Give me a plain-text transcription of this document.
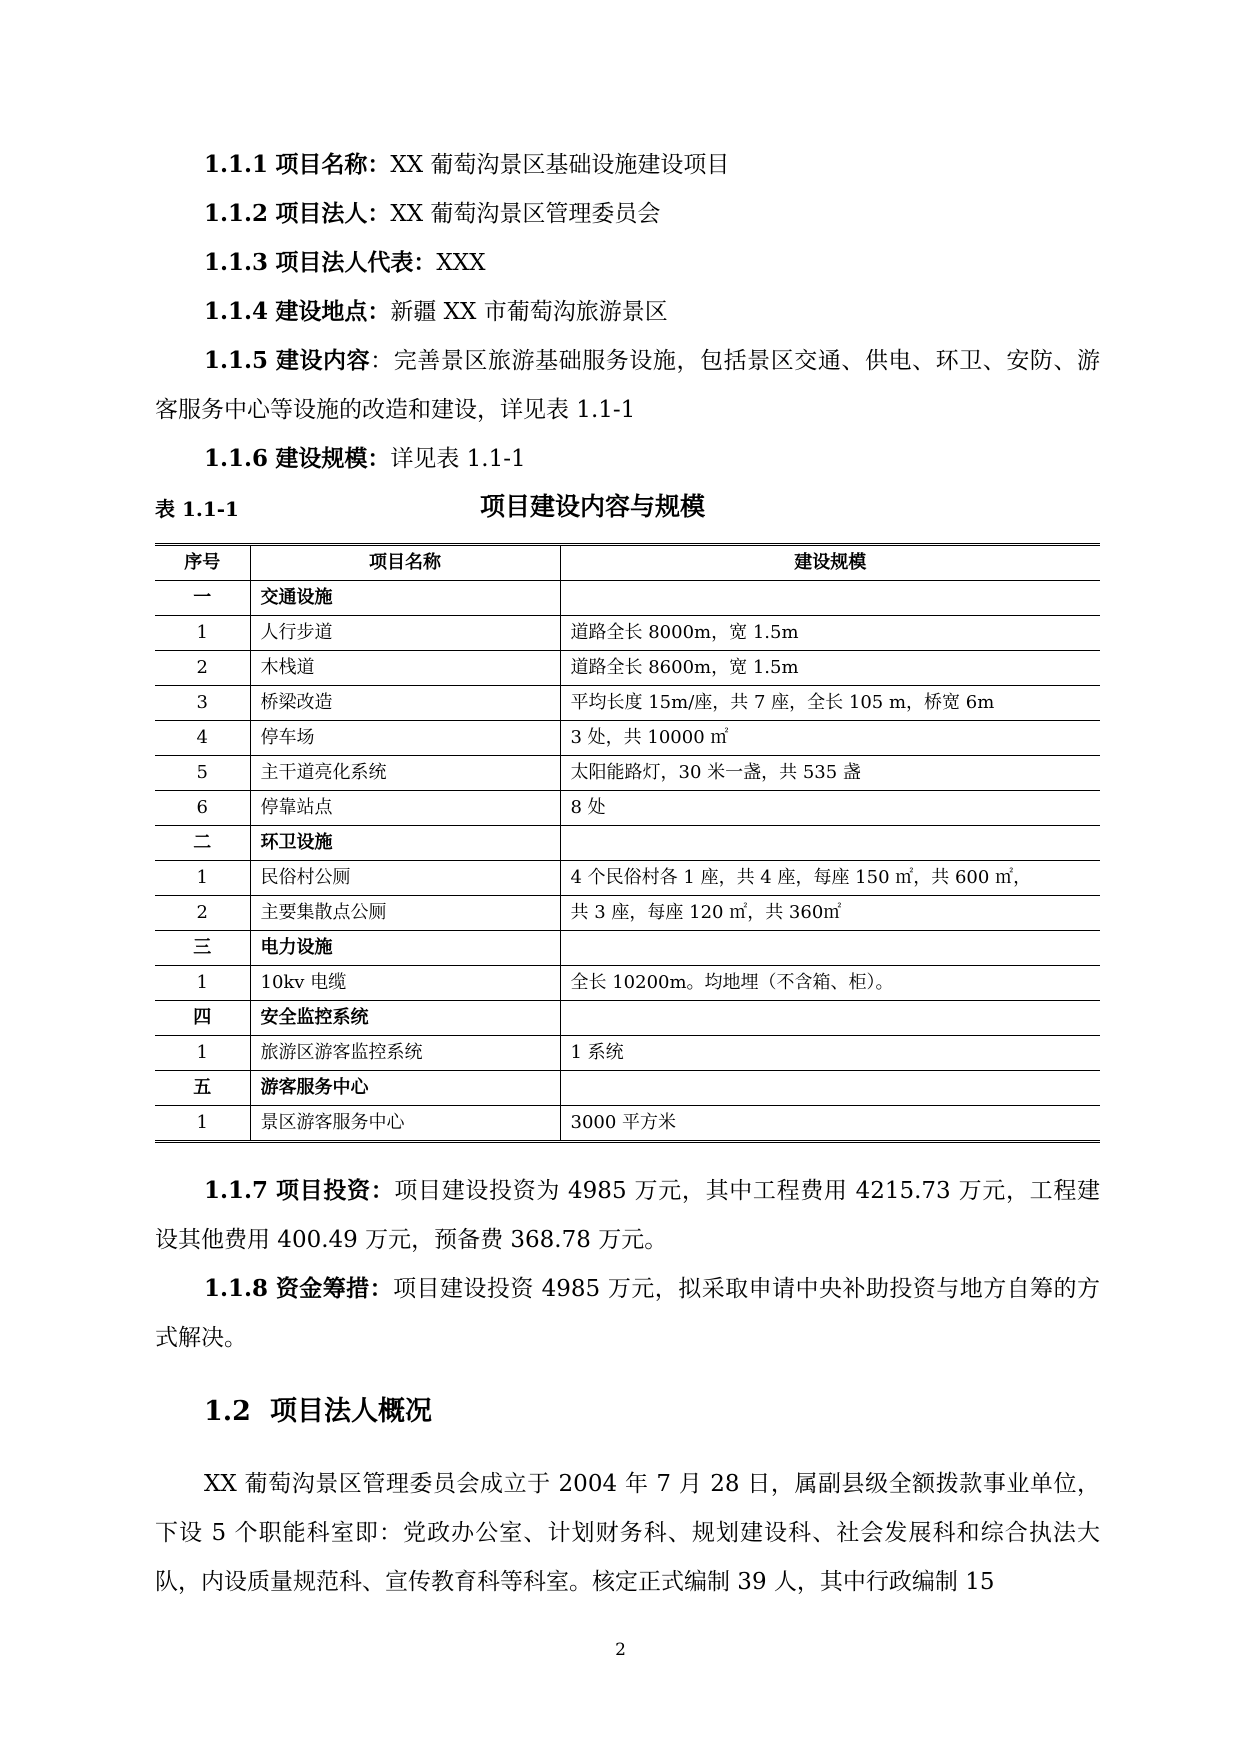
1.1.1 项目名称：XX 葡萄沟景区基础设施建设项目

1.1.2 项目法人：XX 葡萄沟景区管理委员会

1.1.3 项目法人代表：XXX

1.1.4 建设地点：新疆 XX 市葡萄沟旅游景区

1.1.5 建设内容：完善景区旅游基础服务设施，包括景区交通、供电、环卫、安防、游客服务中心等设施的改造和建设，详见表 1.1-1

1.1.6 建设规模：详见表 1.1-1

表 1.1-1	项目建设内容与规模
序号	项目名称	建设规模
一	交通设施	
1	人行步道	道路全长 8000m，宽 1.5m
2	木栈道	道路全长 8600m，宽 1.5m
3	桥梁改造	平均长度 15m/座，共 7 座，全长 105 m，桥宽 6m
4	停车场	3 处，共 10000 ㎡
5	主干道亮化系统	太阳能路灯，30 米一盏，共 535 盏
6	停靠站点	8 处
二	环卫设施	
1	民俗村公厕	4 个民俗村各 1 座，共 4 座，每座 150 ㎡，共 600 ㎡，
2	主要集散点公厕	共 3 座，每座 120 ㎡，共 360㎡
三	电力设施	
1	10kv 电缆	全长 10200m。均地埋（不含箱、柜）。
四	安全监控系统	
1	旅游区游客监控系统	1 系统
五	游客服务中心	
1	景区游客服务中心	3000 平方米

1.1.7 项目投资：项目建设投资为 4985 万元，其中工程费用 4215.73 万元，工程建设其他费用 400.49 万元，预备费 368.78 万元。

1.1.8 资金筹措：项目建设投资 4985 万元，拟采取申请中央补助投资与地方自筹的方式解决。

1.2 项目法人概况

XX 葡萄沟景区管理委员会成立于 2004 年 7 月 28 日，属副县级全额拨款事业单位，下设 5 个职能科室即：党政办公室、计划财务科、规划建设科、社会发展科和综合执法大队，内设质量规范科、宣传教育科等科室。核定正式编制 39 人，其中行政编制 15

2
